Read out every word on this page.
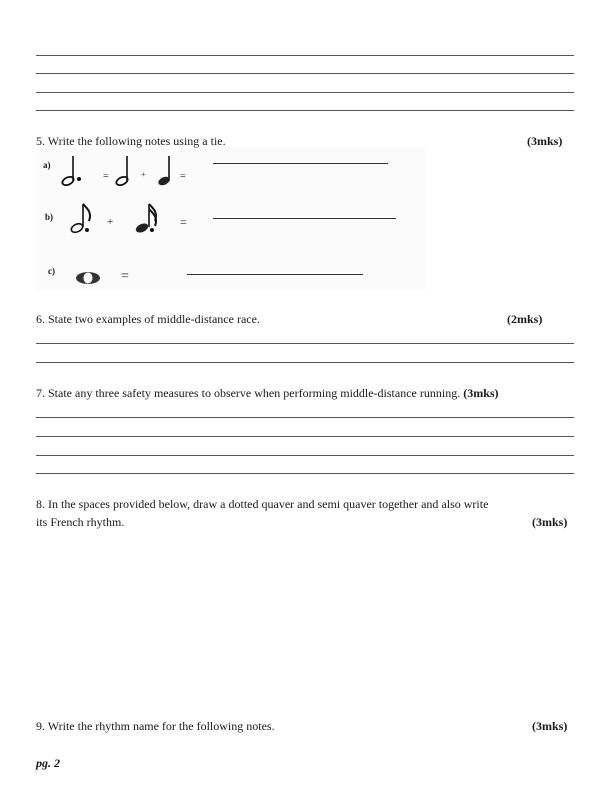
5. Write the following notes using a tie.	(3mks)
a)
=	+	=
b)	+	=
c)	=
6. State two examples of middle-distance race.	(2mks)
7. State any three safety measures to observe when performing middle-distance running. (3mks)
8. In the spaces provided below, draw a dotted quaver and semi quaver together and also write
its French rhythm.	(3mks)
9. Write the rhythm name for the following notes.	(3mks)
pg. 2
